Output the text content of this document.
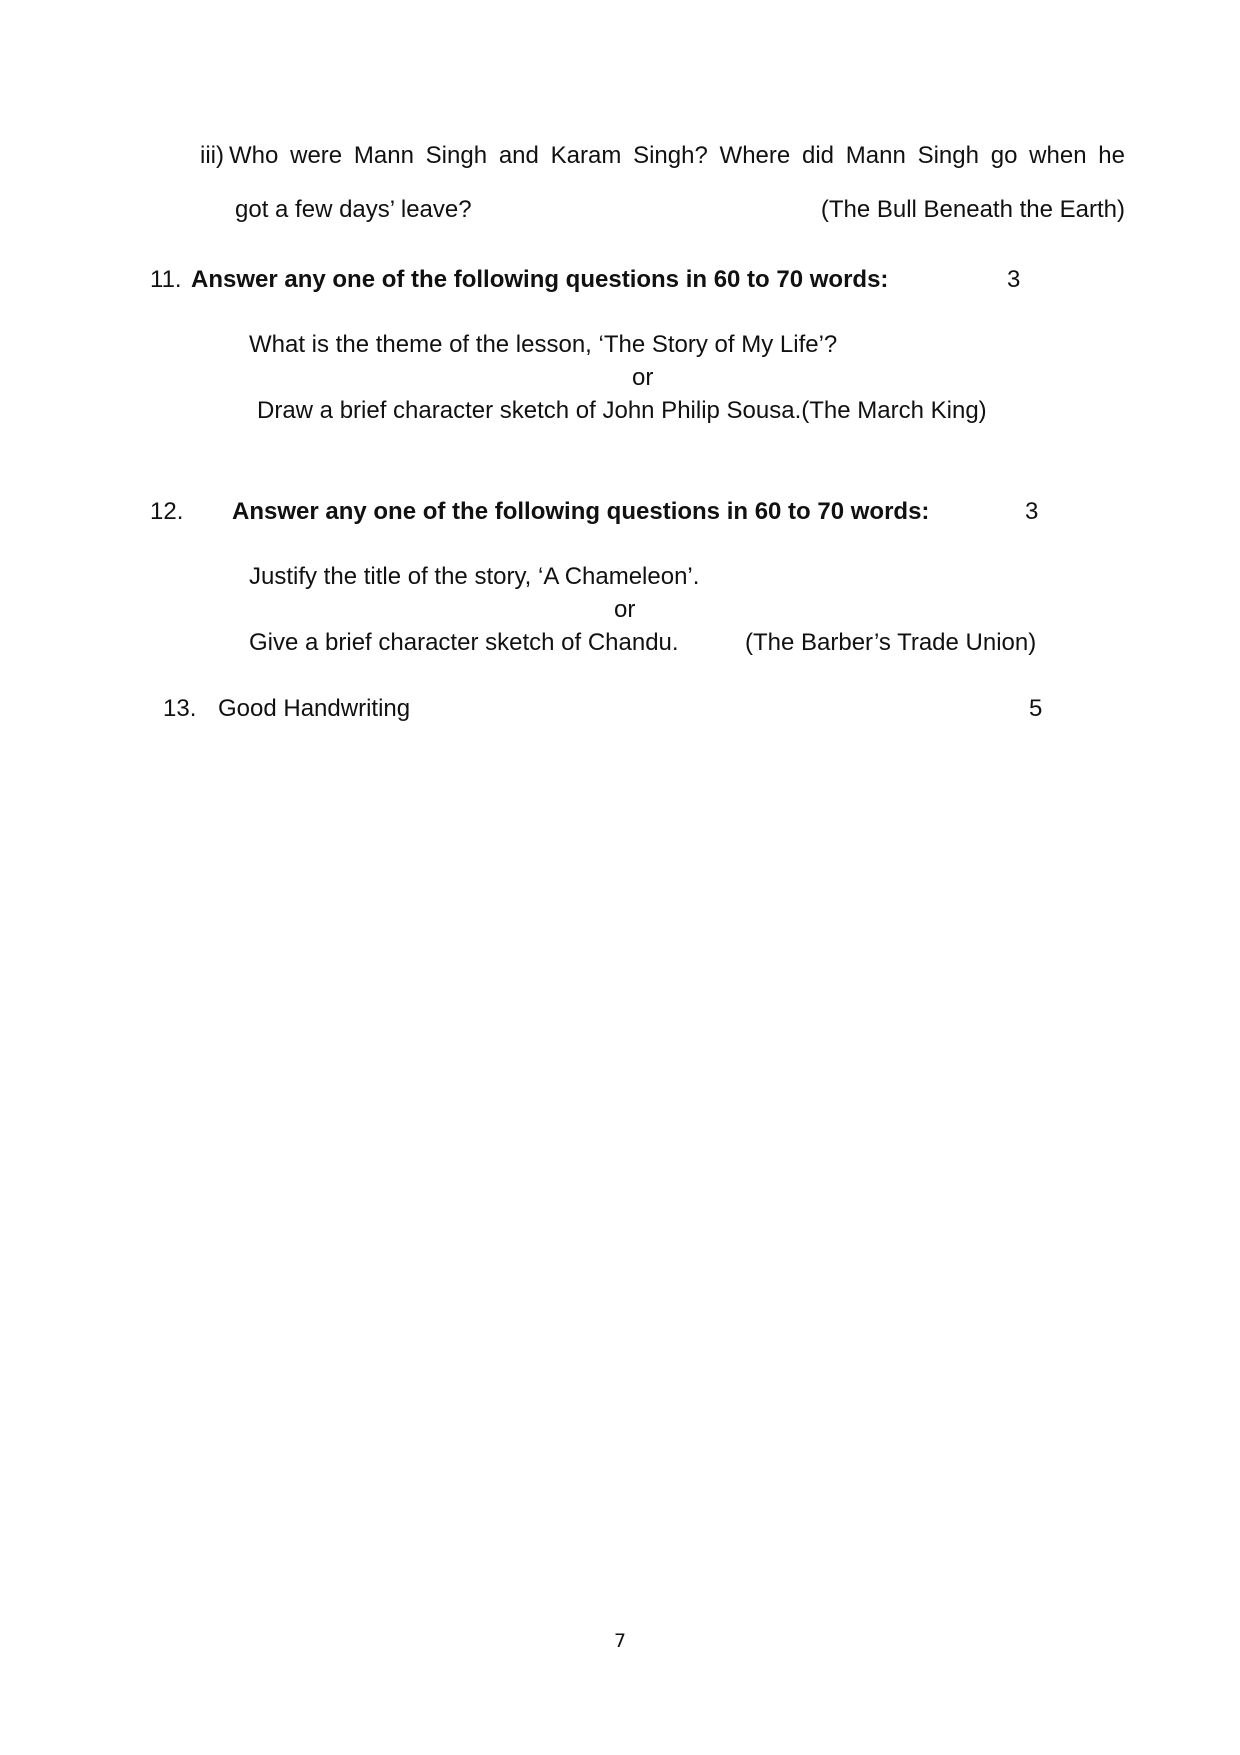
iii) Who were Mann Singh and Karam Singh? Where did Mann Singh go when he
got a few days’ leave?	(The Bull Beneath the Earth)
11. Answer any one of the following questions in 60 to 70 words:	3
What is the theme of the lesson, ‘The Story of My Life’?
or
Draw a brief character sketch of John Philip Sousa.(The March King)
12. Answer any one of the following questions in 60 to 70 words:	3
Justify the title of the story, ‘A Chameleon’.
or
Give a brief character sketch of Chandu.	(The Barber’s Trade Union)
13. Good Handwriting	5
7
